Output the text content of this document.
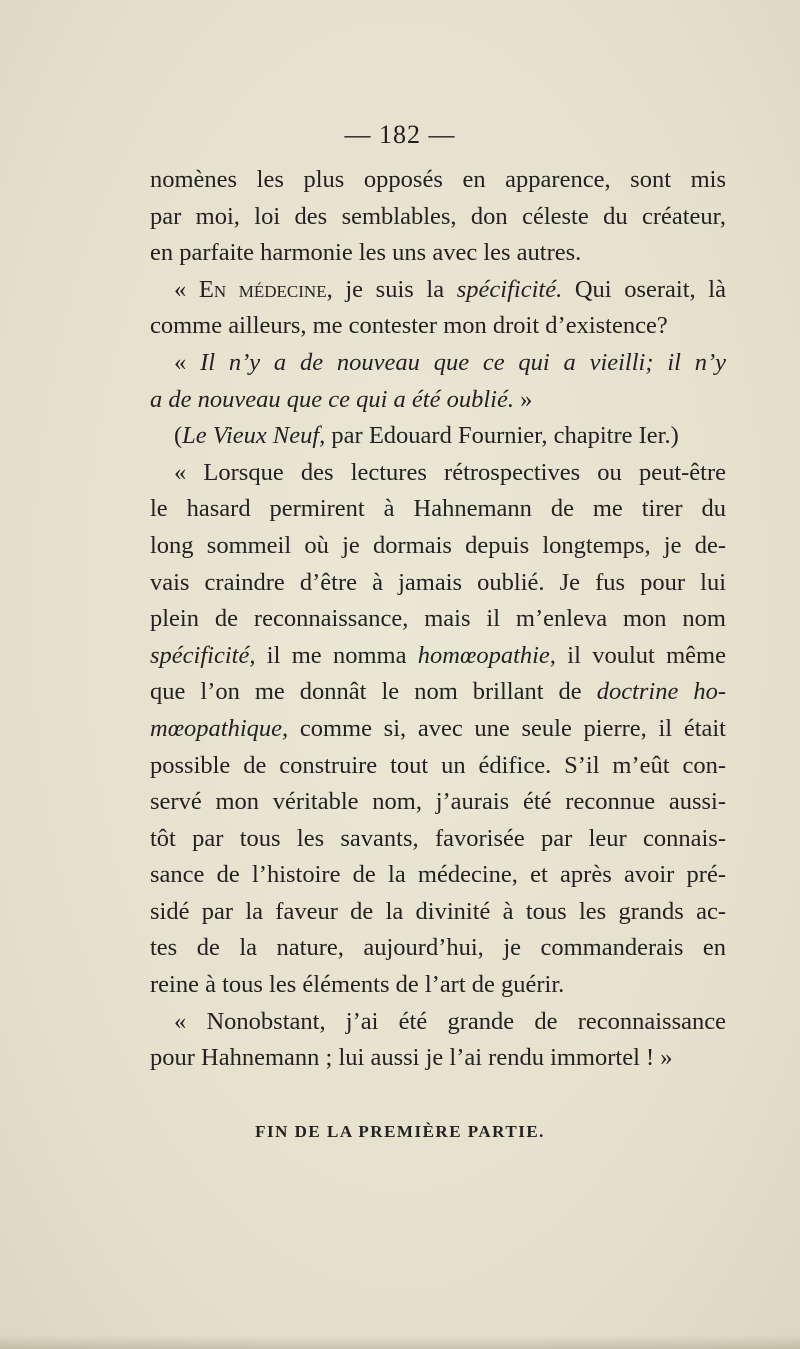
— 182 —
nomènes les plus opposés en apparence, sont mis
par moi, loi des semblables, don céleste du créateur,
en parfaite harmonie les uns avec les autres.
« En médecine, je suis la spécificité. Qui oserait, là
comme ailleurs, me contester mon droit d’existence?
« Il n’y a de nouveau que ce qui a vieilli; il n’y
a de nouveau que ce qui a été oublié. »
(Le Vieux Neuf, par Edouard Fournier, chapitre Ier.)
« Lorsque des lectures rétrospectives ou peut-être
le hasard permirent à Hahnemann de me tirer du
long sommeil où je dormais depuis longtemps, je de-
vais craindre d’être à jamais oublié. Je fus pour lui
plein de reconnaissance, mais il m’enleva mon nom
spécificité, il me nomma homœopathie, il voulut même
que l’on me donnât le nom brillant de doctrine ho-
mœopathique, comme si, avec une seule pierre, il était
possible de construire tout un édifice. S’il m’eût con-
servé mon véritable nom, j’aurais été reconnue aussi-
tôt par tous les savants, favorisée par leur connais-
sance de l’histoire de la médecine, et après avoir pré-
sidé par la faveur de la divinité à tous les grands ac-
tes de la nature, aujourd’hui, je commanderais en
reine à tous les éléments de l’art de guérir.
« Nonobstant, j’ai été grande de reconnaissance
pour Hahnemann ; lui aussi je l’ai rendu immortel ! »
FIN DE LA PREMIÈRE PARTIE.
